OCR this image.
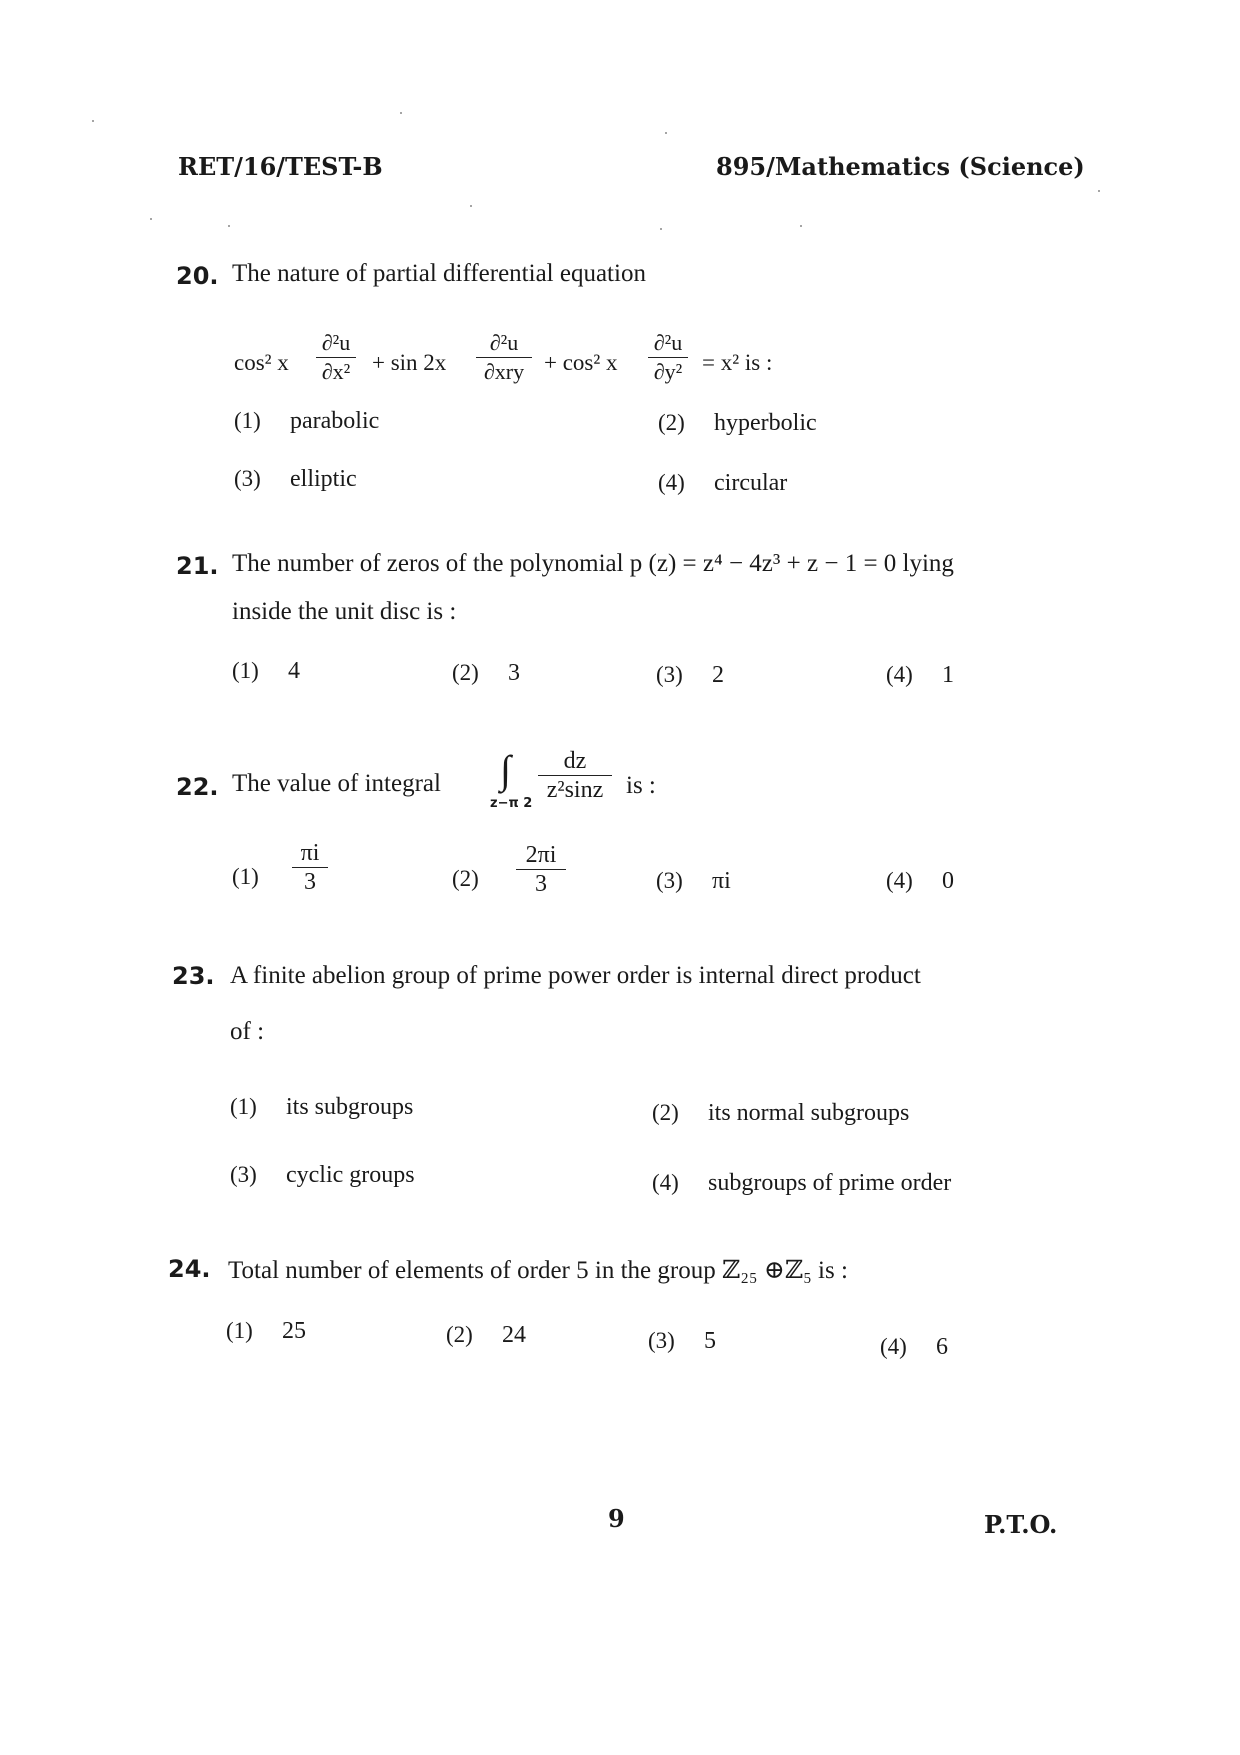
RET/16/TEST-B	895/Mathematics (Science)
20. The nature of partial differential equation
cos² x
∂²u
∂x² + sin 2x
∂²u
∂xry + cos² x
∂²u
∂y² = x² is :
(1) parabolic	(2) hyperbolic
(3) elliptic	(4) circular
21. The number of zeros of the polynomial p (z) = z⁴ − 4z³ + z − 1 = 0 lying
inside the unit disc is :
(1) 4	(2) 3	(3) 2	(4) 1
22. The value of integral ∫
z−π 2
dz
z²sinz is :
(1)
πi
3	(2)
2πi
3	(3) πi	(4) 0
23. A finite abelion group of prime power order is internal direct product
of :
(1) its subgroups	(2) its normal subgroups
(3) cyclic groups	(4) subgroups of prime order
24. Total number of elements of order 5 in the group ℤ₂₅ ⊕ℤ₅ is :
(1) 25	(2) 24	(3) 5	(4) 6
9	P.T.O.
